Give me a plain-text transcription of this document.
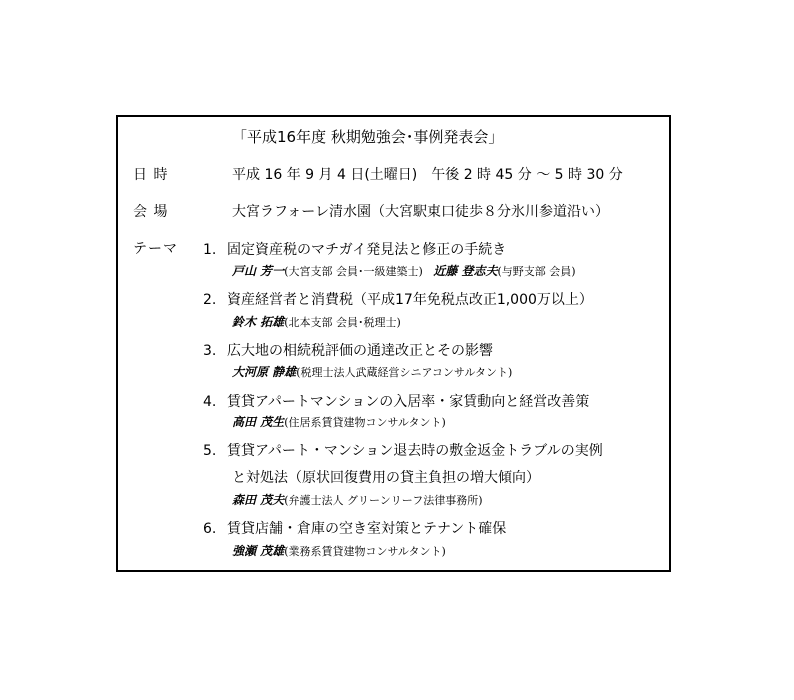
「平成16年度 秋期勉強会･事例発表会」
日 時	平成 16 年 9 月 4 日(土曜日)　午後 2 時 45 分 ～ 5 時 30 分
会 場	大宮ラフォーレ清水園（大宮駅東口徒歩８分氷川参道沿い）
テーマ 1. 固定資産税のマチガイ発見法と修正の手続き
戸山 芳一(大宮支部 会員･一級建築士) 近藤 登志夫(与野支部 会員)
2. 資産経営者と消費税（平成17年免税点改正1,000万以上）
鈴木 拓雄(北本支部 会員･税理士)
3. 広大地の相続税評価の通達改正とその影響
大河原 静雄(税理士法人武蔵経営シニアコンサルタント)
4. 賃貸アパートマンションの入居率・家賃動向と経営改善策
高田 茂生(住居系賃貸建物コンサルタント)
5. 賃貸アパート・マンション退去時の敷金返金トラブルの実例
と対処法（原状回復費用の貸主負担の増大傾向）
森田 茂夫(弁護士法人 グリーンリーフ法律事務所)
6. 賃貸店舗・倉庫の空き室対策とテナント確保
強瀬 茂雄(業務系賃貸建物コンサルタント)
